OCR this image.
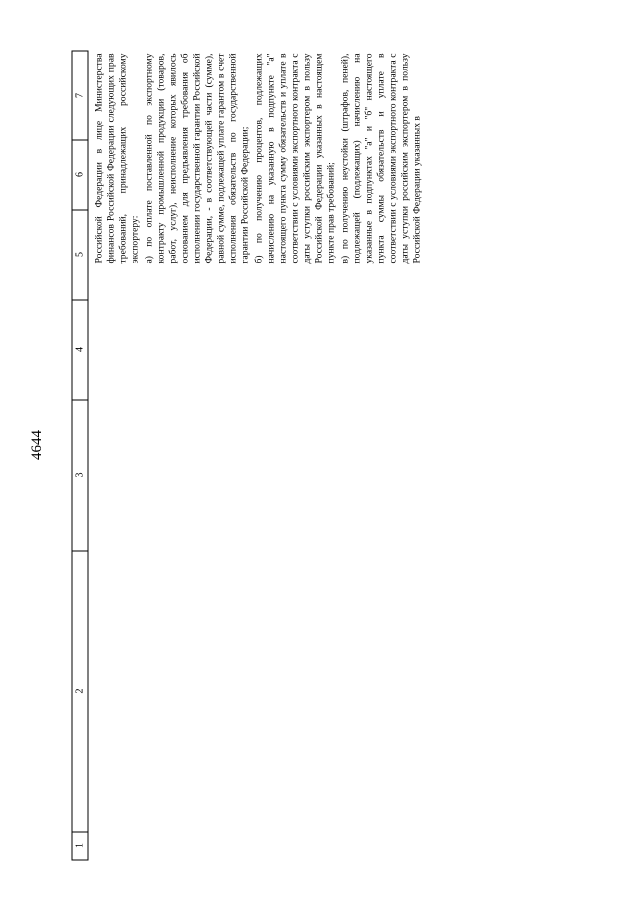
4644
1
2
3
4
5
6
7 Российской Федерации в лице Министерства финансов Российской Федерации следующих прав требований, принадлежащих российскому экспортеру: а) по оплате поставленной по экспортному контракту промышленной продукции (товаров, работ, услуг), неисполнение которых явилось основанием для предъявления требования об исполнении государственной гарантии Российской Федерации, - в соответствующей части (сумме), равной сумме, подлежащей уплате гарантом в счет исполнения обязательств по государственной гарантии Российской Федерации; б) по получению процентов, подлежащих начислению на указанную в подпункте "а" настоящего пункта сумму обязательств и уплате в соответствии с условиями экспортного контракта с даты уступки российским экспортером в пользу Российской Федерации указанных в настоящем пункте прав требований; в) по получению неустойки (штрафов, пеней), подлежащей (подлежащих) начислению на указанные в подпунктах "а" и "б" настоящего пункта суммы обязательств и уплате в соответствии с условиями экспортного контракта с даты уступки российским экспортером в пользу Российской Федерации указанных в
